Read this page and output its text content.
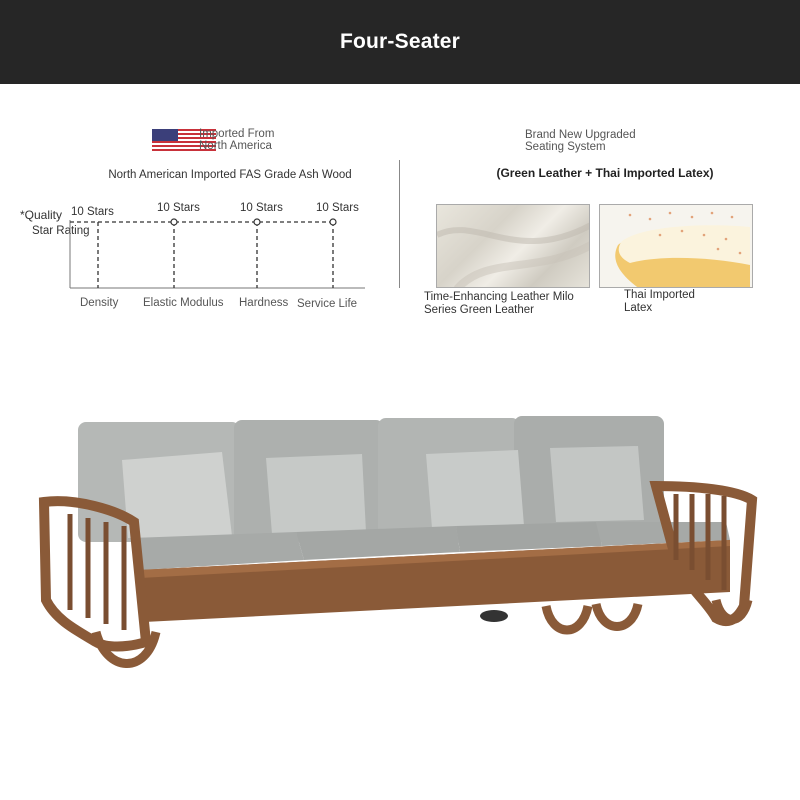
Four-Seater
Imported From
North America
North American Imported FAS Grade Ash Wood
*Quality
Star Rating
10 Stars	10 Stars	10 Stars	10 Stars
Density Elastic Modulus Hardness Service Life
Brand New Upgraded
Seating System
(Green Leather + Thai Imported Latex)
Time-Enhancing Leather Milo
Series Green Leather
Thai Imported
Latex
